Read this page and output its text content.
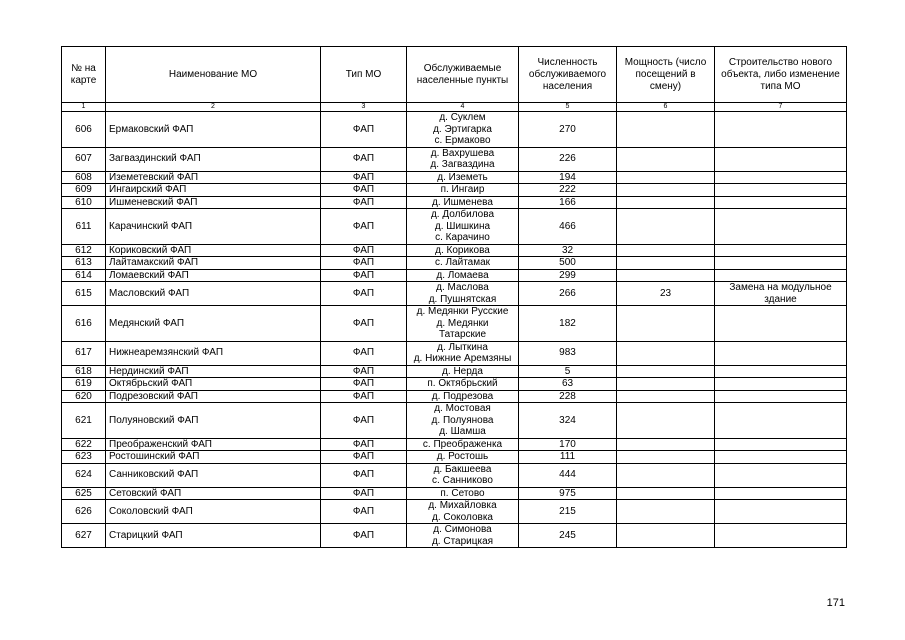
№ на карте	Наименование МО	Тип МО	Обслуживаемые населенные пункты	Численность обслуживаемого населения	Мощность (число посещений в смену)	Строительство нового объекта, либо изменение типа МО
1	2	3	4	5	6	7
606	Ермаковский ФАП	ФАП	д. Суклем
д. Эртигарка
с. Ермаково	270		
607	Загваздинский ФАП	ФАП	д. Вахрушева
д. Загваздина	226		
608	Иземетевский ФАП	ФАП	д. Иземеть	194		
609	Ингаирский ФАП	ФАП	п. Ингаир	222		
610	Ишменевский ФАП	ФАП	д. Ишменева	166		
611	Карачинский ФАП	ФАП	д. Долбилова
д. Шишкина
с. Карачино	466		
612	Кориковский ФАП	ФАП	д. Корикова	32		
613	Лайтамакский ФАП	ФАП	с. Лайтамак	500		
614	Ломаевский ФАП	ФАП	д. Ломаева	299		
615	Масловский ФАП	ФАП	д. Маслова
д. Пушнятская	266	23	Замена на модульное здание
616	Медянский ФАП	ФАП	д. Медянки Русские
д. Медянки
Татарские	182		
617	Нижнеаремзянский ФАП	ФАП	д. Лыткина
д. Нижние Аремзяны	983		
618	Нердинский ФАП	ФАП	д. Нерда	5		
619	Октябрьский ФАП	ФАП	п. Октябрьский	63		
620	Подрезовский ФАП	ФАП	д. Подрезова	228		
621	Полуяновский ФАП	ФАП	д. Мостовая
д. Полуянова
д. Шамша	324		
622	Преображенский ФАП	ФАП	с. Преображенка	170		
623	Ростошинский ФАП	ФАП	д. Ростошь	111		
624	Санниковский ФАП	ФАП	д. Бакшеева
с. Санниково	444		
625	Сетовский ФАП	ФАП	п. Сетово	975		
626	Соколовский ФАП	ФАП	д. Михайловка
д. Соколовка	215		
627	Старицкий ФАП	ФАП	д. Симонова
д. Старицкая	245		
171
